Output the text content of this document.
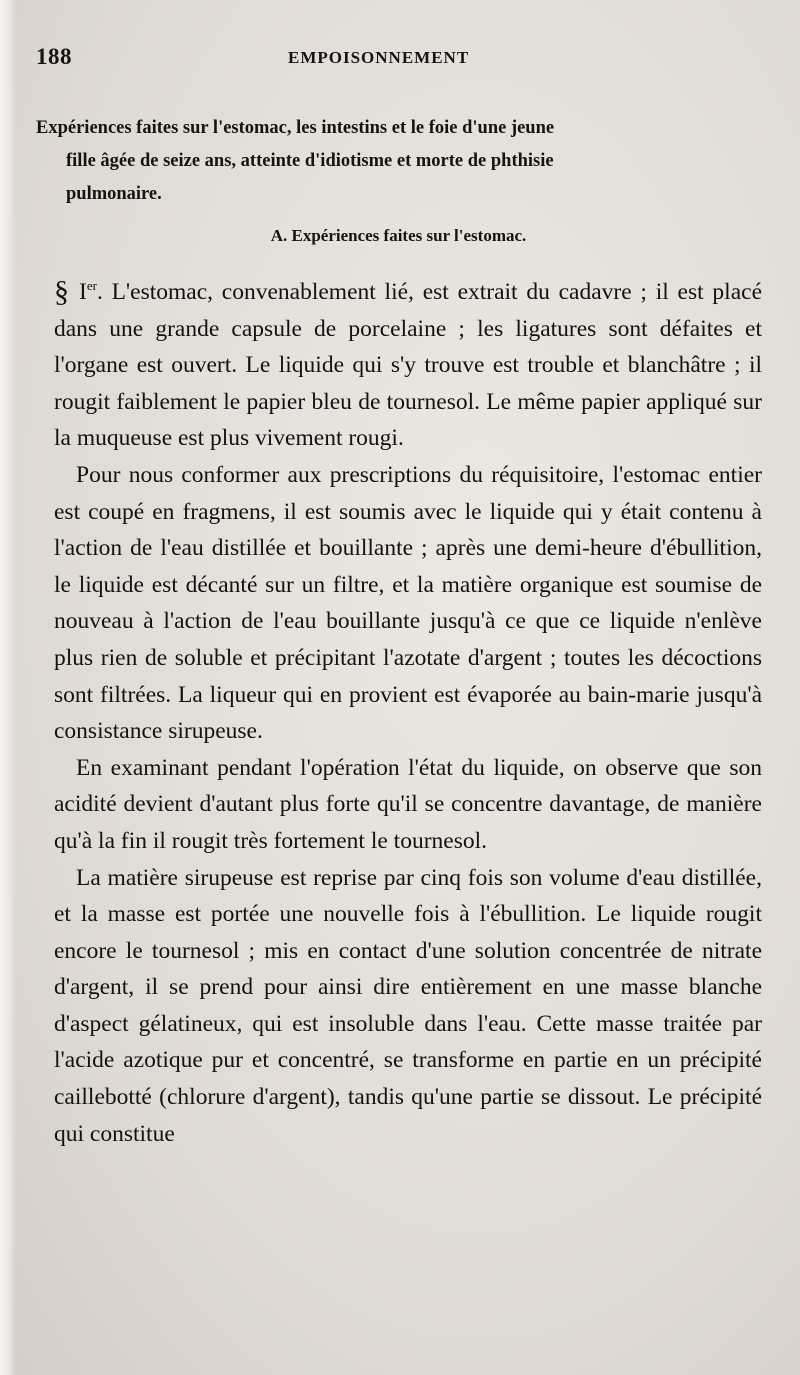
188	EMPOISONNEMENT
Expériences faites sur l'estomac, les intestins et le foie d'une jeune
fille âgée de seize ans, atteinte d'idiotisme et morte de phthisie
pulmonaire.
A. Expériences faites sur l'estomac.

§ Ier. L'estomac, convenablement lié, est extrait du cadavre ; il est placé dans une grande capsule de porcelaine ; les ligatures sont défaites et l'organe est ouvert. Le liquide qui s'y trouve est trouble et blanchâtre ; il rougit faiblement le papier bleu de tournesol. Le même papier appliqué sur la muqueuse est plus vivement rougi.

Pour nous conformer aux prescriptions du réquisitoire, l'estomac entier est coupé en fragmens, il est soumis avec le liquide qui y était contenu à l'action de l'eau distillée et bouillante ; après une demi-heure d'ébullition, le liquide est décanté sur un filtre, et la matière organique est soumise de nouveau à l'action de l'eau bouillante jusqu'à ce que ce liquide n'enlève plus rien de soluble et précipitant l'azotate d'argent ; toutes les décoctions sont filtrées. La liqueur qui en provient est évaporée au bain-marie jusqu'à consistance sirupeuse.

En examinant pendant l'opération l'état du liquide, on observe que son acidité devient d'autant plus forte qu'il se concentre davantage, de manière qu'à la fin il rougit très fortement le tournesol.

La matière sirupeuse est reprise par cinq fois son volume d'eau distillée, et la masse est portée une nouvelle fois à l'ébullition. Le liquide rougit encore le tournesol ; mis en contact d'une solution concentrée de nitrate d'argent, il se prend pour ainsi dire entièrement en une masse blanche d'aspect gélatineux, qui est insoluble dans l'eau. Cette masse traitée par l'acide azotique pur et concentré, se transforme en partie en un précipité caillebotté (chlorure d'argent), tandis qu'une partie se dissout. Le précipité qui constitue
